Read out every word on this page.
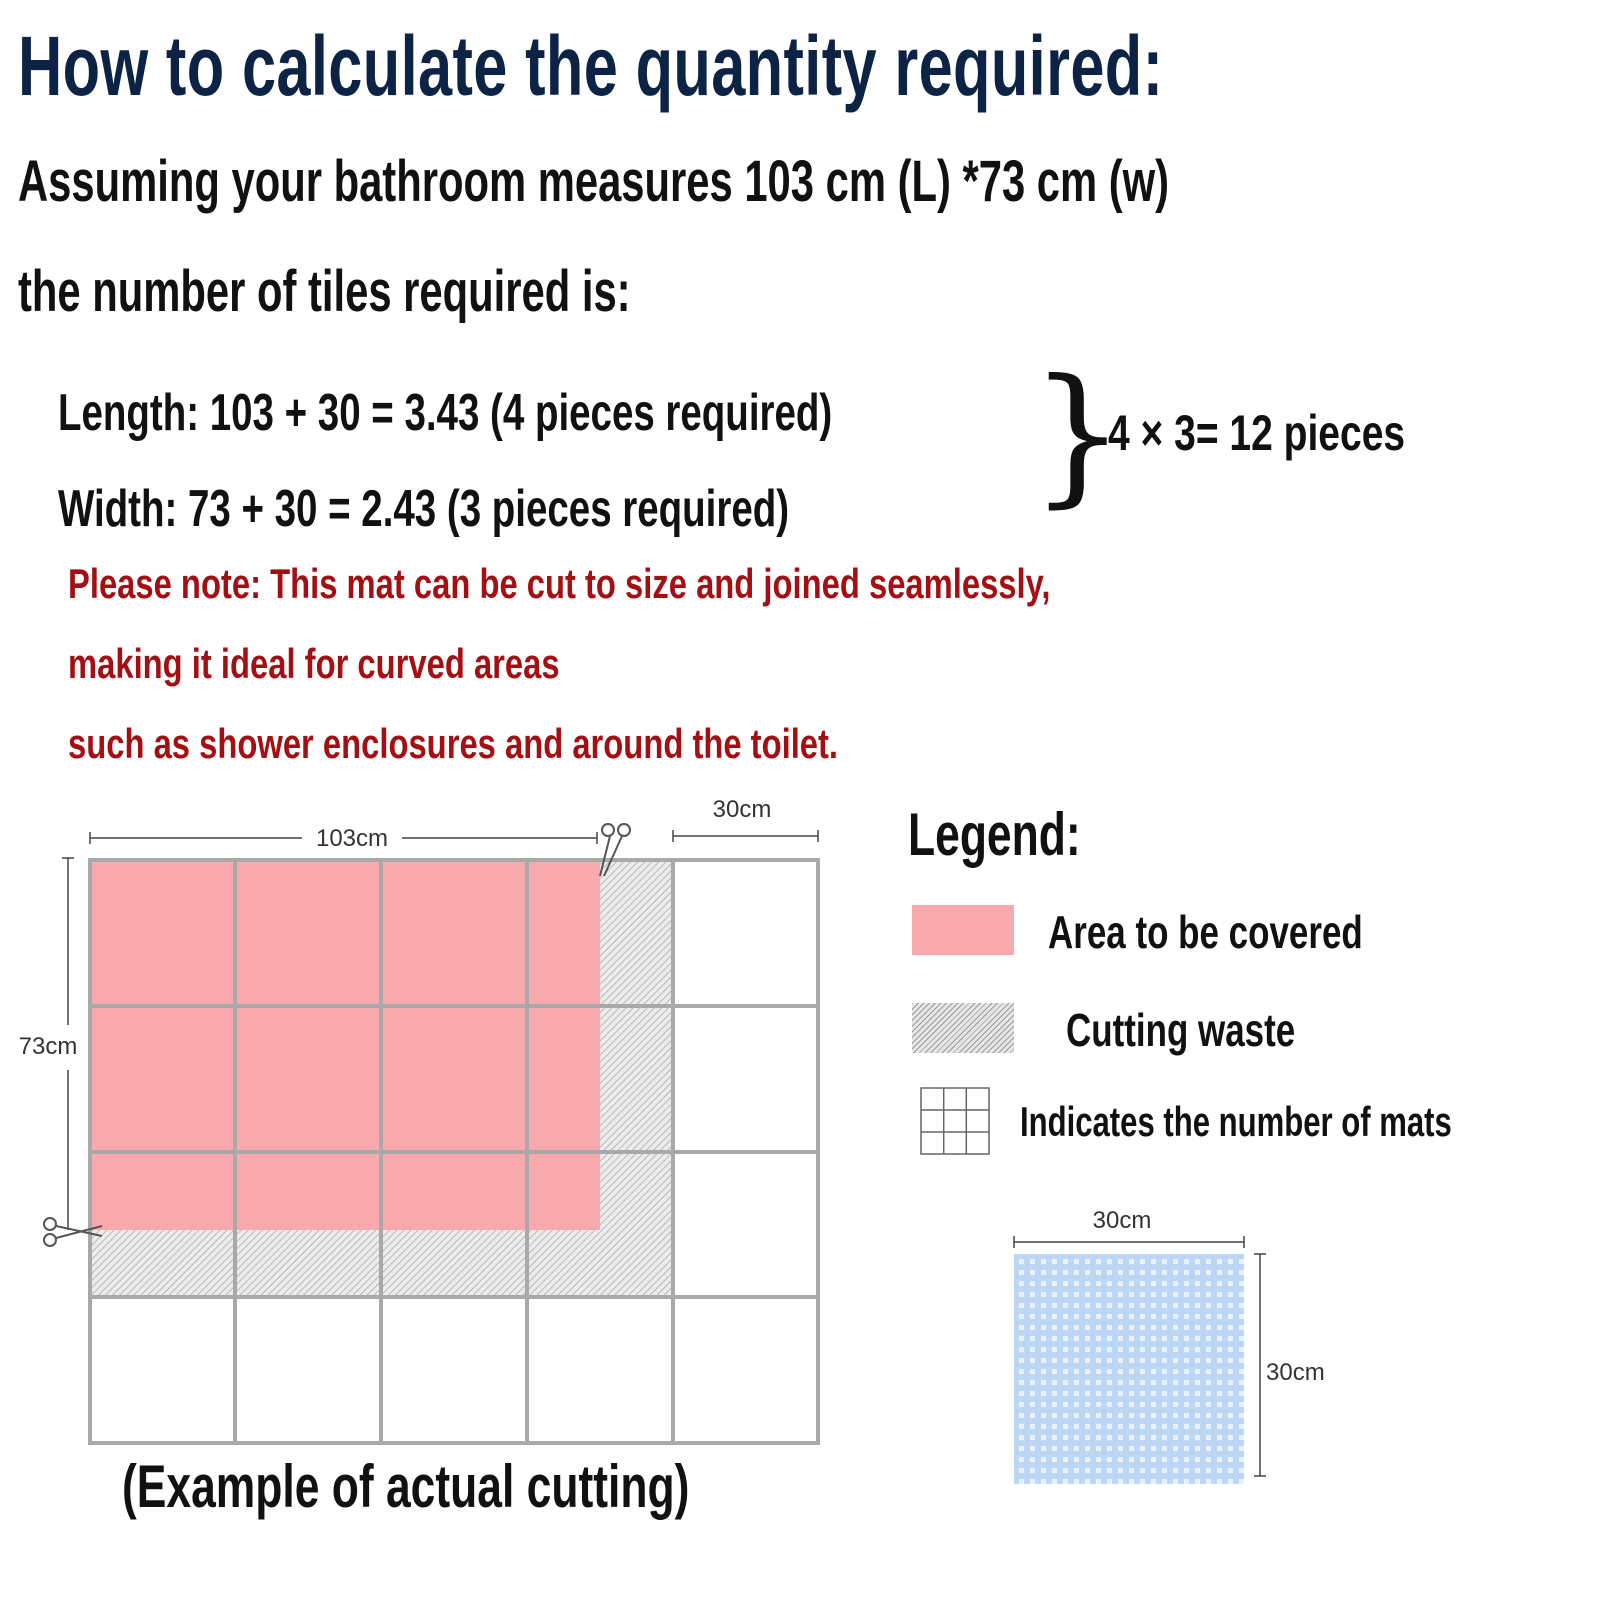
How to calculate the quantity required:
Assuming your bathroom measures 103 cm (L) *73 cm (w)
the number of tiles required is:
Length: 103 + 30 = 3.43 (4 pieces required)
Width: 73 + 30 = 2.43 (3 pieces required) }
4 × 3= 12 pieces
Please note: This mat can be cut to size and joined seamlessly,
making it ideal for curved areas
such as shower enclosures and around the toilet.
103cm
30cm
73cm
(Example of actual cutting)
Legend:
Area to be covered
Cutting waste
Indicates the number of mats
30cm
30cm
